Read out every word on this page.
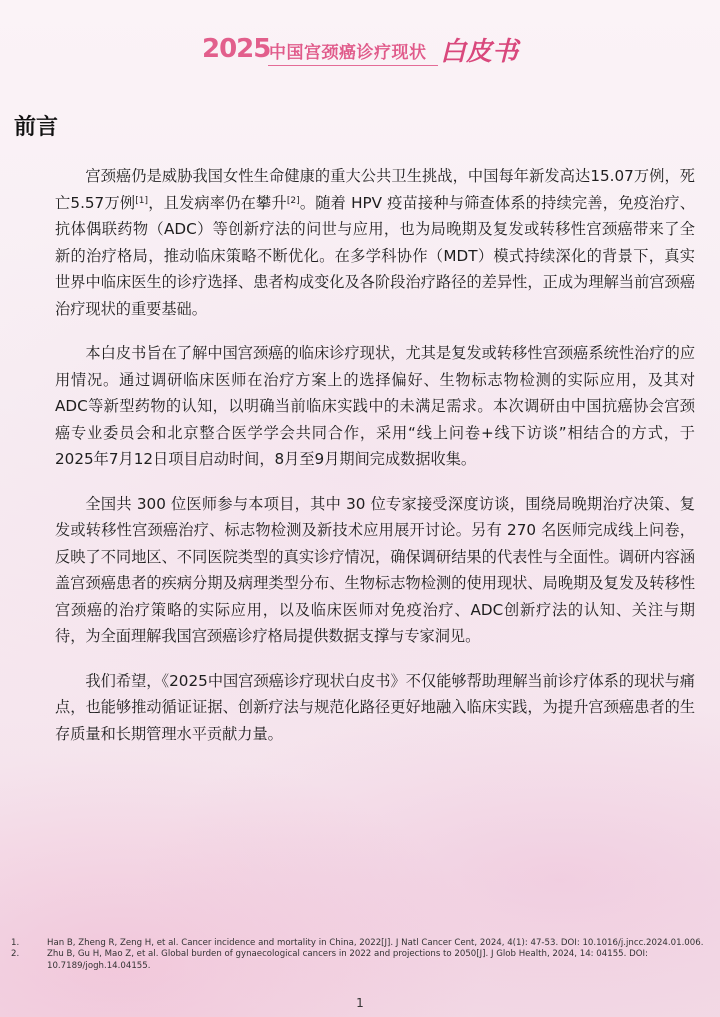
2025
中国宫颈癌诊疗现状 白皮书
前言

宫颈癌仍是威胁我国女性生命健康的重大公共卫生挑战，中国每年新发高达15.07万例，死亡5.57万例[1]，且发病率仍在攀升[2]。随着 HPV 疫苗接种与筛查体系的持续完善，免疫治疗、抗体偶联药物（ADC）等创新疗法的问世与应用，也为局晚期及复发或转移性宫颈癌带来了全新的治疗格局，推动临床策略不断优化。在多学科协作（MDT）模式持续深化的背景下，真实世界中临床医生的诊疗选择、患者构成变化及各阶段治疗路径的差异性，正成为理解当前宫颈癌治疗现状的重要基础。

本白皮书旨在了解中国宫颈癌的临床诊疗现状，尤其是复发或转移性宫颈癌系统性治疗的应用情况。通过调研临床医师在治疗方案上的选择偏好、生物标志物检测的实际应用，及其对ADC等新型药物的认知，以明确当前临床实践中的未满足需求。本次调研由中国抗癌协会宫颈癌专业委员会和北京整合医学学会共同合作，采用“线上问卷+线下访谈”相结合的方式，于2025年7月12日项目启动时间，8月至9月期间完成数据收集。

全国共 300 位医师参与本项目，其中 30 位专家接受深度访谈，围绕局晚期治疗决策、复发或转移性宫颈癌治疗、标志物检测及新技术应用展开讨论。另有 270 名医师完成线上问卷，反映了不同地区、不同医院类型的真实诊疗情况，确保调研结果的代表性与全面性。调研内容涵盖宫颈癌患者的疾病分期及病理类型分布、生物标志物检测的使用现状、局晚期及复发及转移性宫颈癌的治疗策略的实际应用，以及临床医师对免疫治疗、ADC创新疗法的认知、关注与期待，为全面理解我国宫颈癌诊疗格局提供数据支撑与专家洞见。

我们希望，《2025中国宫颈癌诊疗现状白皮书》不仅能够帮助理解当前诊疗体系的现状与痛点，也能够推动循证证据、创新疗法与规范化路径更好地融入临床实践，为提升宫颈癌患者的生存质量和长期管理水平贡献力量。

1.	Han B, Zheng R, Zeng H, et al. Cancer incidence and mortality in China, 2022[J]. J Natl Cancer Cent, 2024, 4(1): 47-53. DOI: 10.1016/j.jncc.2024.01.006.
2.	Zhu B, Gu H, Mao Z, et al. Global burden of gynaecological cancers in 2022 and projections to 2050[J]. J Glob Health, 2024, 14: 04155. DOI: 10.7189/jogh.14.04155.
1
